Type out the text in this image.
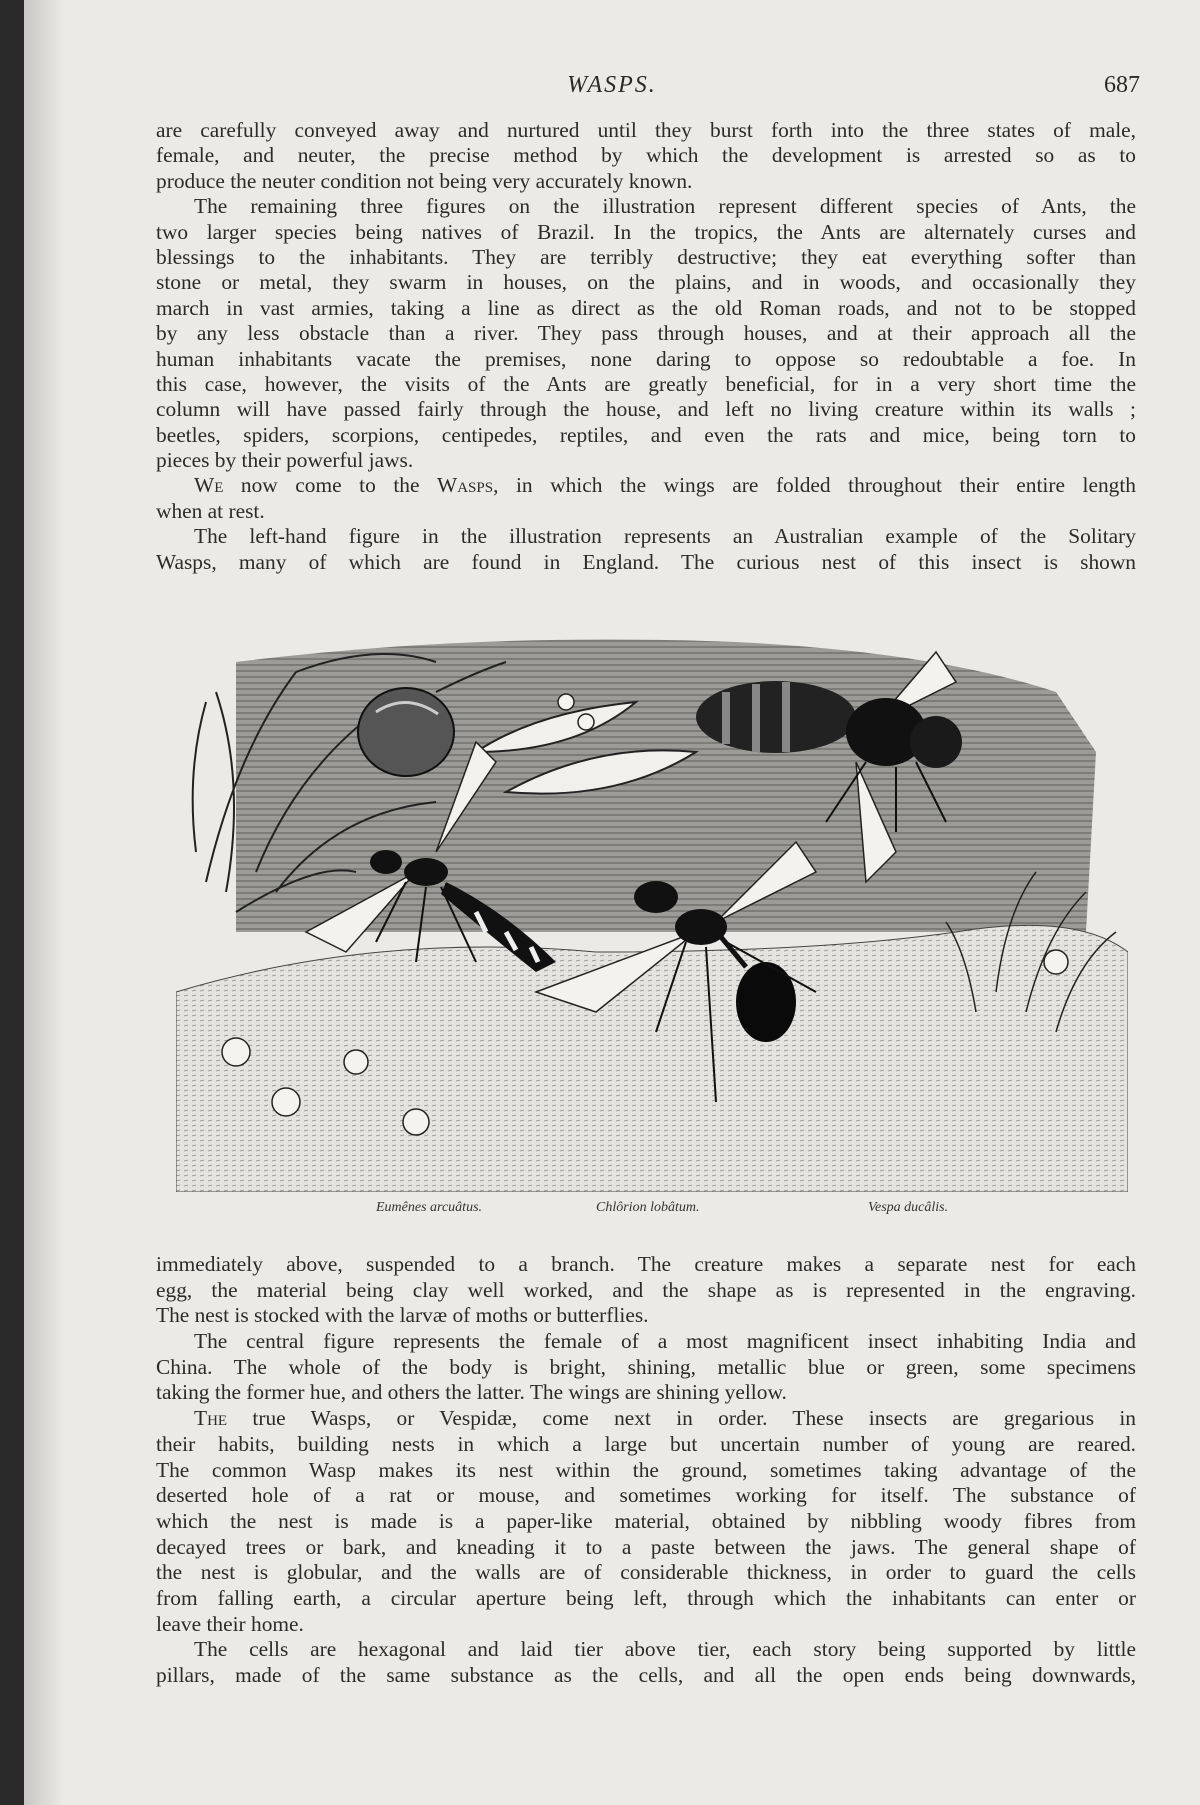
WASPS.	687
are carefully conveyed away and nurtured until they burst forth into the three states of male,
female, and neuter, the precise method by which the development is arrested so as to
produce the neuter condition not being very accurately known.
The remaining three figures on the illustration represent different species of Ants, the
two larger species being natives of Brazil. In the tropics, the Ants are alternately curses and
blessings to the inhabitants. They are terribly destructive; they eat everything softer than
stone or metal, they swarm in houses, on the plains, and in woods, and occasionally they
march in vast armies, taking a line as direct as the old Roman roads, and not to be stopped
by any less obstacle than a river. They pass through houses, and at their approach all the
human inhabitants vacate the premises, none daring to oppose so redoubtable a foe. In
this case, however, the visits of the Ants are greatly beneficial, for in a very short time the
column will have passed fairly through the house, and left no living creature within its walls ;
beetles, spiders, scorpions, centipedes, reptiles, and even the rats and mice, being torn to
pieces by their powerful jaws.
We now come to the Wasps, in which the wings are folded throughout their entire length
when at rest.
The left-hand figure in the illustration represents an Australian example of the Solitary
Wasps, many of which are found in England. The curious nest of this insect is shown
Eumênes arcuâtus.	Chlôrion lobâtum.	Vespa ducâlis.
immediately above, suspended to a branch. The creature makes a separate nest for each
egg, the material being clay well worked, and the shape as is represented in the engraving.
The nest is stocked with the larvæ of moths or butterflies.
The central figure represents the female of a most magnificent insect inhabiting India and
China. The whole of the body is bright, shining, metallic blue or green, some specimens
taking the former hue, and others the latter. The wings are shining yellow.
The true Wasps, or Vespidæ, come next in order. These insects are gregarious in
their habits, building nests in which a large but uncertain number of young are reared.
The common Wasp makes its nest within the ground, sometimes taking advantage of the
deserted hole of a rat or mouse, and sometimes working for itself. The substance of
which the nest is made is a paper-like material, obtained by nibbling woody fibres from
decayed trees or bark, and kneading it to a paste between the jaws. The general shape of
the nest is globular, and the walls are of considerable thickness, in order to guard the cells
from falling earth, a circular aperture being left, through which the inhabitants can enter or
leave their home.
The cells are hexagonal and laid tier above tier, each story being supported by little
pillars, made of the same substance as the cells, and all the open ends being downwards,
